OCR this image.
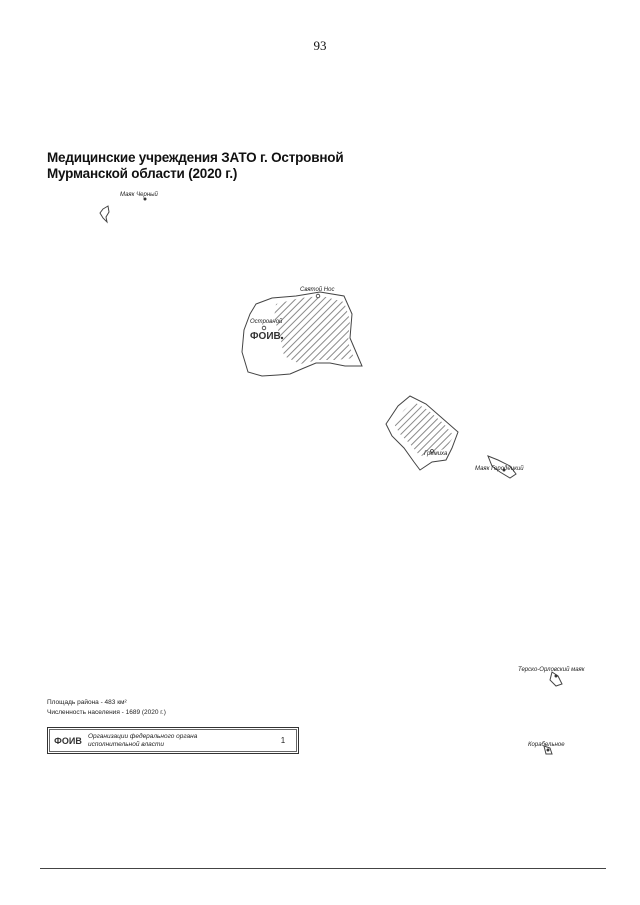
93
Медицинские учреждения ЗАТО г. Островной
Мурманской области (2020 г.)
Маяк Черный
Святой Нос
Островной
ФОИВ
Гремиха
Маяк Городецкий
Терско-Орловский маяк
Корабельное
Площадь района - 483 км²
Численность населения - 1689 (2020 г.)
ФОИВ Организации федерального органа
исполнительной власти	1
